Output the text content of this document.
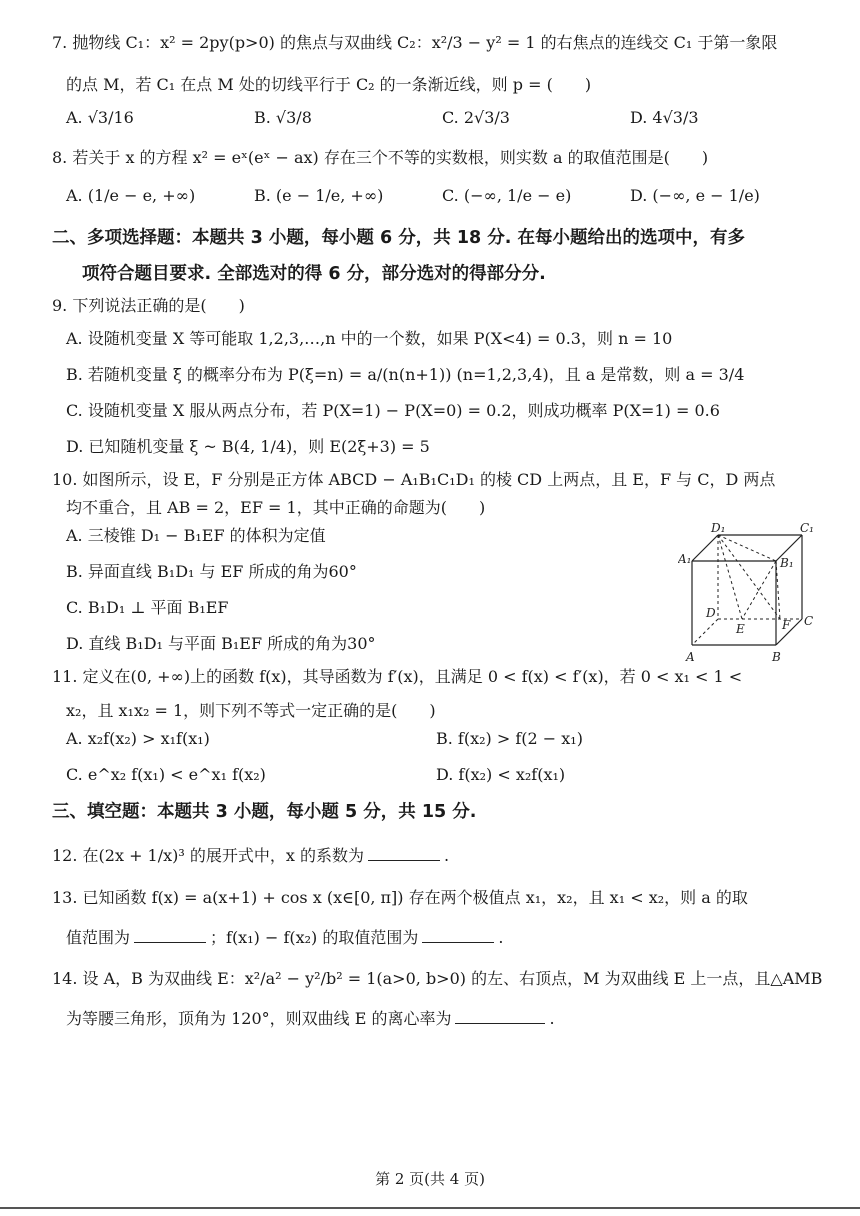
7. 抛物线 C₁：x² = 2py(p>0) 的焦点与双曲线 C₂：x²/3 − y² = 1 的右焦点的连线交 C₁ 于第一象限
的点 M，若 C₁ 在点 M 处的切线平行于 C₂ 的一条渐近线，则 p = (　　)
A. √3/16	B. √3/8	C. 2√3/3	D. 4√3/3
8. 若关于 x 的方程 x² = eˣ(eˣ − ax) 存在三个不等的实数根，则实数 a 的取值范围是(　　)
A. (1/e − e, +∞)	B. (e − 1/e, +∞)	C. (−∞, 1/e − e)	D. (−∞, e − 1/e)
二、多项选择题：本题共 3 小题，每小题 6 分，共 18 分. 在每小题给出的选项中，有多
项符合题目要求. 全部选对的得 6 分，部分选对的得部分分.
9. 下列说法正确的是(　　)
A. 设随机变量 X 等可能取 1,2,3,…,n 中的一个数，如果 P(X<4) = 0.3，则 n = 10
B. 若随机变量 ξ 的概率分布为 P(ξ=n) = a/(n(n+1)) (n=1,2,3,4)，且 a 是常数，则 a = 3/4
C. 设随机变量 X 服从两点分布，若 P(X=1) − P(X=0) = 0.2，则成功概率 P(X=1) = 0.6
D. 已知随机变量 ξ ~ B(4, 1/4)，则 E(2ξ+3) = 5
10. 如图所示，设 E，F 分别是正方体 ABCD − A₁B₁C₁D₁ 的棱 CD 上两点，且 E，F 与 C，D 两点
均不重合，且 AB = 2，EF = 1，其中正确的命题为(　　)
A. 三棱锥 D₁ − B₁EF 的体积为定值
B. 异面直线 B₁D₁ 与 EF 所成的角为60°
C. B₁D₁ ⊥ 平面 B₁EF
D. 直线 B₁D₁ 与平面 B₁EF 所成的角为30°
D₁	C₁
A₁	B₁
D
E	F C
A	B
11. 定义在(0, +∞)上的函数 f(x)，其导函数为 f′(x)，且满足 0 < f(x) < f′(x)，若 0 < x₁ < 1 <
x₂，且 x₁x₂ = 1，则下列不等式一定正确的是(　　)
A. x₂f(x₂) > x₁f(x₁)	B. f(x₂) > f(2 − x₁)
C. e^x₂ f(x₁) < e^x₁ f(x₂)	D. f(x₂) < x₂f(x₁)
三、填空题：本题共 3 小题，每小题 5 分，共 15 分.
12. 在(2x + 1/x)³ 的展开式中，x 的系数为	.
13. 已知函数 f(x) = a(x+1) + cos x (x∈[0, π]) 存在两个极值点 x₁，x₂，且 x₁ < x₂，则 a 的取
值范围为	；f(x₁) − f(x₂) 的取值范围为	.
14. 设 A，B 为双曲线 E：x²/a² − y²/b² = 1(a>0, b>0) 的左、右顶点，M 为双曲线 E 上一点，且△AMB
为等腰三角形，顶角为 120°，则双曲线 E 的离心率为	.
第 2 页(共 4 页)
